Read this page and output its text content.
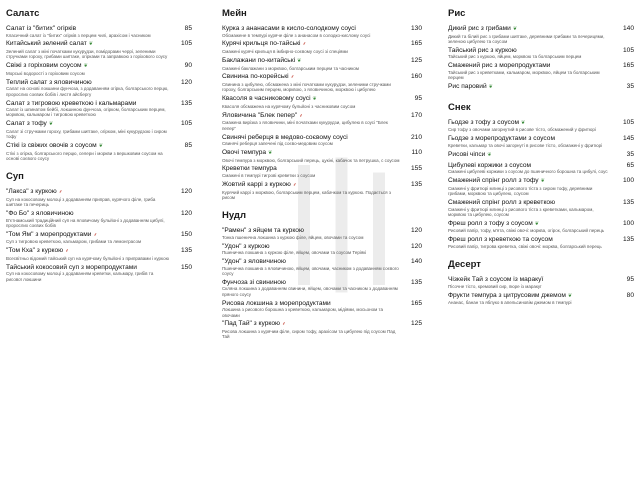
Салатс
Салат із "битих" огірків	85
Класичний салат із "битих" огірків з перцем чилі, арахісом і часником
Китайський зелений салат ❦	105
Зелений салат з міні початками кукурудзи, помідорами черрі, зеленими стручками гороху, грибами шиїтаке, огірками та заправкою з горіхового соусу
Свіжі з горіховим соусом ❦	90
Морські водорості з горіховим соусом
Теплий салат з яловичиною	120
Салат на основі локшини фунчоза, з додаванням огірка, болгарського перцю, пророслих соєвих бобів і листя айсбергу
Салат з тигровою креветкою і кальмарами	135
Салат із шпинатом бейбі, локшиною фунчоза, огірком, болгарським перцем, морквою, кальмаром і тигровою креветкою
Салат з тофу ❦	105
Салат зі стручками гороху, грибами шиїтаке, огірком, міні кукурудзою і сиром тофу
Стікі із свіжих овочів з соусом ❦	85
Стікі з огірка, болгарського перцю, селери і моркви з вершковим соусом на основі соєвого соусу
Суп
"Лакса" з куркою ⸙	120
Суп на кокосовому молоці з додаванням приправ, курячого філе, гриба шиїтаке та печериць
"Фо Бо" з яловичиною	120
В'єтнамський традиційний суп на яловичому бульйоні з додаванням цибулі, пророслих соєвих бобів
"Том Ям" з морепродуктами ⸙	150
Суп з тигровою креветкою, кальмаром, грибами та лемонграсом
"Том Кха" з куркою ⸙	135
Всесвітньо відомий тайський суп на курячому бульйоні з приправами і куркою
Тайський кокосовий суп з морепродуктами	150
Суп на кокосовому молоці з додаванням креветки, кальмару, грибів та рисової локшини
Мейн
Курка з ананасами в кисло-солодкому соусі	130
Обсмажене в темпурі куряче філе з ананасом в солодко-кислому соусі
Курячі крильця по-тайські ⸙	165
Смажені курячі крильця в імбирно-соєвому соусі зі спеціями
Баклажани по-китайські ❦	125
Смажені баклажани з морквою, болгарським перцем та часником
Свинина по-корейські ⸙	160
Свинина з цибулею, обсмажена з міні початками кукурудзи, зеленими стручками гороху, болгарським перцем, морквою, з яловичиною, морквою і цибулею
Квасоля в часниковому соусі ❦	95
Квасоля обсмажена на курячому бульйоні з часниковим соусом
Яловичина "Блек пепер" ⸙	170
Смажена вирізка з яловичини, міні початками кукурудзи, цибулею в соусі "Блек пепер"
Свинячі реберця в медово-соєвому соусі	210
Свинячі реберця запечені під соєво-медовим соусом
Овочі темпура ❦	110
Овочі темпура з морквою, болгарський перець, цукіні, кабачок та петрушка, с соусом
Креветки темпура	155
Смажені в темпурі тигрові креветки з соусом
Жовтий каррі з куркою ⸙	135
Курячий каррі з морквою, болгарським перцем, кабачком та куркою. Подається з рисом
Нудл
"Рамен" з яйцем та куркою	120
Тонка пшенична локшина з куркою філе, яйцем, овочами та соусом
"Удон" з куркою	120
Пшенична локшина з куркою філе, яйцем, овочами та соусом Теріякі
"Удон" з яловичиною	140
Пшенична локшина з яловичиною, яйцем, овочами, часником з додаванням соєвого соусу
Фунчоза зі свининою	135
Скляна локшина з додаванням свинини, яйцем, овочами та часником з додаванням пряного соусу
Рисова локшина з морепродуктами	165
Локшина з рисового борошна з креветкою, кальмаром, мідіями, мосьоном та овочами
"Пад Тай" з куркою ⸙	125
Рисова локшина з курячим філе, сиром тофу, арахісом та цибулею під соусом Пад Тай
Рис
Дикий рис з грибами ❦	140
Дикий та білий рис з грибами шиїтаке, деревними грибами та печерицями, зеленою цибулею та соусом
Тайський рис з куркою	105
Тайський рис з куркою, яйцем, морквою та болгарським перцем
Смажений рис з морепродуктами	165
Тайський рис з креветками, кальмаром, морквою, яйцем та болгарським перцем
Рис паровий ❦	35
Снек
Гьодзе з тофу з соусом ❦	105
Сир тофу з овочами загорнутий в рисове тісто, обсмажений у фритюрі
Гьодзе з морепродуктами з соусом	145
Креветки, кальмар та овочі загорнуті в рисове тісто, обсмажені у фритюрі
Рисові чіпси ❦	35
Цибулеві коржики з соусом	65
Смажені цибулеві коржики з соусом до пшеничного борошна та цибулі, соус
Смажений спрінг ролл з тофу ❦	100
Смажені у фритюрі млинці з рисового тіста з сиром тофу, деревними грибами, морквою та цибулею, соусом
Смажений спрінг ролл з креветкою	135
Смажені у фритюрі млинці з рисового тіста з креветками, кальмаром, морквою та цибулею, соусом
Фреш ролл з тофу з соусом ❦	100
Рисовий папір, тофу, м'ята, свіжі овочі: морква, огірок, болгарський перець
Фреш ролл з креветкою та соусом	135
Рисовий папір, тигрова креветка, свіжі овочі: морква, болгарський перець
Десерт
Чізкейк Тай з соусом із маракуї	95
Пісочне тісто, кремовий сир, пюре із маракуї
Фрукти темпура з цитрусовим джемом ❦	80
Ананас, банан та яблуко в апельсиновім джемом в темпурі
